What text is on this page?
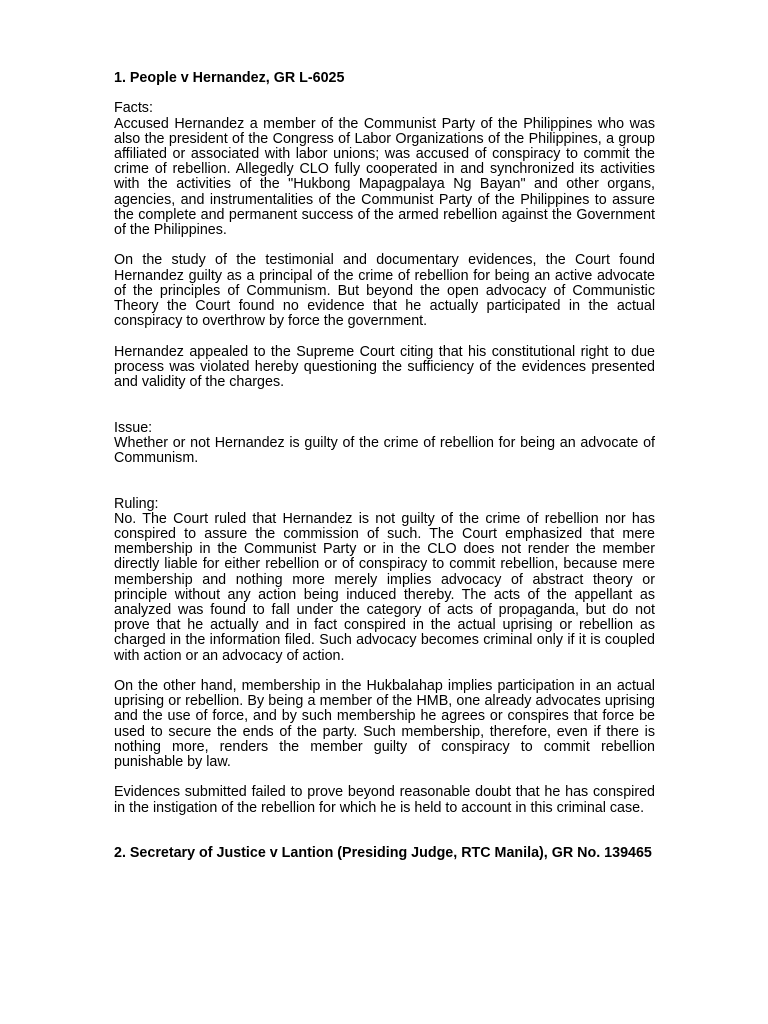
1. People v Hernandez, GR L-6025
Facts:

Accused Hernandez a member of the Communist Party of the Philippines who was also the president of the Congress of Labor Organizations of the Philippines, a group affiliated or associated with labor unions; was accused of conspiracy to commit the crime of rebellion. Allegedly CLO fully cooperated in and synchronized its activities with the activities of the "Hukbong Mapagpalaya Ng Bayan" and other organs, agencies, and instrumentalities of the Communist Party of the Philippines to assure the complete and permanent success of the armed rebellion against the Government of the Philippines.

On the study of the testimonial and documentary evidences, the Court found Hernandez guilty as a principal of the crime of rebellion for being an active advocate of the principles of Communism. But beyond the open advocacy of Communistic Theory the Court found no evidence that he actually participated in the actual conspiracy to overthrow by force the government.

Hernandez appealed to the Supreme Court citing that his constitutional right to due process was violated hereby questioning the sufficiency of the evidences presented and validity of the charges.

Issue:

Whether or not Hernandez is guilty of the crime of rebellion for being an advocate of Communism.

Ruling:

No. The Court ruled that Hernandez is not guilty of the crime of rebellion nor has conspired to assure the commission of such. The Court emphasized that mere membership in the Communist Party or in the CLO does not render the member directly liable for either rebellion or of conspiracy to commit rebellion, because mere membership and nothing more merely implies advocacy of abstract theory or principle without any action being induced thereby. The acts of the appellant as analyzed was found to fall under the category of acts of propaganda, but do not prove that he actually and in fact conspired in the actual uprising or rebellion as charged in the information filed. Such advocacy becomes criminal only if it is coupled with action or an advocacy of action.

On the other hand, membership in the Hukbalahap implies participation in an actual uprising or rebellion. By being a member of the HMB, one already advocates uprising and the use of force, and by such membership he agrees or conspires that force be used to secure the ends of the party. Such membership, therefore, even if there is nothing more, renders the member guilty of conspiracy to commit rebellion punishable by law.

Evidences submitted failed to prove beyond reasonable doubt that he has conspired in the instigation of the rebellion for which he is held to account in this criminal case.

2. Secretary of Justice v Lantion (Presiding Judge, RTC Manila), GR No. 139465
